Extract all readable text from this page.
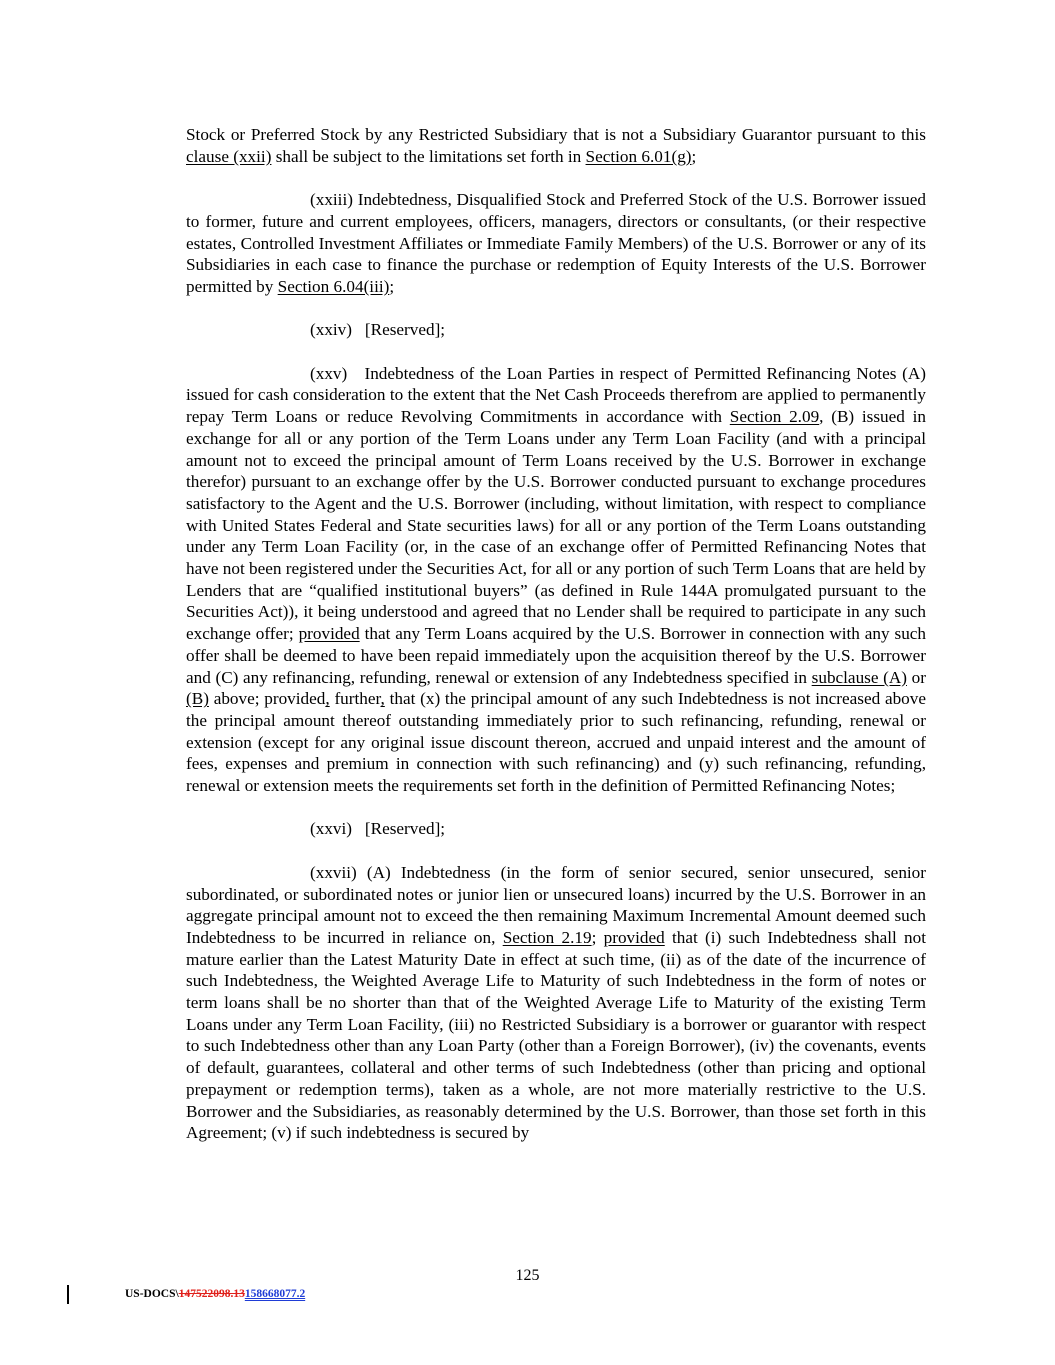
Stock or Preferred Stock by any Restricted Subsidiary that is not a Subsidiary Guarantor pursuant to this clause (xxii) shall be subject to the limitations set forth in Section 6.01(g);

(xxiii) Indebtedness, Disqualified Stock and Preferred Stock of the U.S. Borrower issued to former, future and current employees, officers, managers, directors or consultants, (or their respective estates, Controlled Investment Affiliates or Immediate Family Members) of the U.S. Borrower or any of its Subsidiaries in each case to finance the purchase or redemption of Equity Interests of the U.S. Borrower permitted by Section 6.04(iii);

(xxiv) [Reserved];

(xxv)   Indebtedness of the Loan Parties in respect of Permitted Refinancing Notes (A) issued for cash consideration to the extent that the Net Cash Proceeds therefrom are applied to permanently repay Term Loans or reduce Revolving Commitments in accordance with Section 2.09, (B) issued in exchange for all or any portion of the Term Loans under any Term Loan Facility (and with a principal amount not to exceed the principal amount of Term Loans received by the U.S. Borrower in exchange therefor) pursuant to an exchange offer by the U.S. Borrower conducted pursuant to exchange procedures satisfactory to the Agent and the U.S. Borrower (including, without limitation, with respect to compliance with United States Federal and State securities laws) for all or any portion of the Term Loans outstanding under any Term Loan Facility (or, in the case of an exchange offer of Permitted Refinancing Notes that have not been registered under the Securities Act, for all or any portion of such Term Loans that are held by Lenders that are “qualified institutional buyers” (as defined in Rule 144A promulgated pursuant to the Securities Act)), it being understood and agreed that no Lender shall be required to participate in any such exchange offer; provided that any Term Loans acquired by the U.S. Borrower in connection with any such offer shall be deemed to have been repaid immediately upon the acquisition thereof by the U.S. Borrower and (C) any refinancing, refunding, renewal or extension of any Indebtedness specified in subclause (A) or (B) above; provided, further, that (x) the principal amount of any such Indebtedness is not increased above the principal amount thereof outstanding immediately prior to such refinancing, refunding, renewal or extension (except for any original issue discount thereon, accrued and unpaid interest and the amount of fees, expenses and premium in connection with such refinancing) and (y) such refinancing, refunding, renewal or extension meets the requirements set forth in the definition of Permitted Refinancing Notes;

(xxvi) [Reserved];

(xxvii) (A) Indebtedness (in the form of senior secured, senior unsecured, senior subordinated, or subordinated notes or junior lien or unsecured loans) incurred by the U.S. Borrower in an aggregate principal amount not to exceed the then remaining Maximum Incremental Amount deemed such Indebtedness to be incurred in reliance on, Section 2.19; provided that (i) such Indebtedness shall not mature earlier than the Latest Maturity Date in effect at such time, (ii) as of the date of the incurrence of such Indebtedness, the Weighted Average Life to Maturity of such Indebtedness in the form of notes or term loans shall be no shorter than that of the Weighted Average Life to Maturity of the existing Term Loans under any Term Loan Facility, (iii) no Restricted Subsidiary is a borrower or guarantor with respect to such Indebtedness other than any Loan Party (other than a Foreign Borrower), (iv) the covenants, events of default, guarantees, collateral and other terms of such Indebtedness (other than pricing and optional prepayment or redemption terms), taken as a whole, are not more materially restrictive to the U.S. Borrower and the Subsidiaries, as reasonably determined by the U.S. Borrower, than those set forth in this Agreement; (v) if such indebtedness is secured by

125
US-DOCS\147522098.13158668077.2
